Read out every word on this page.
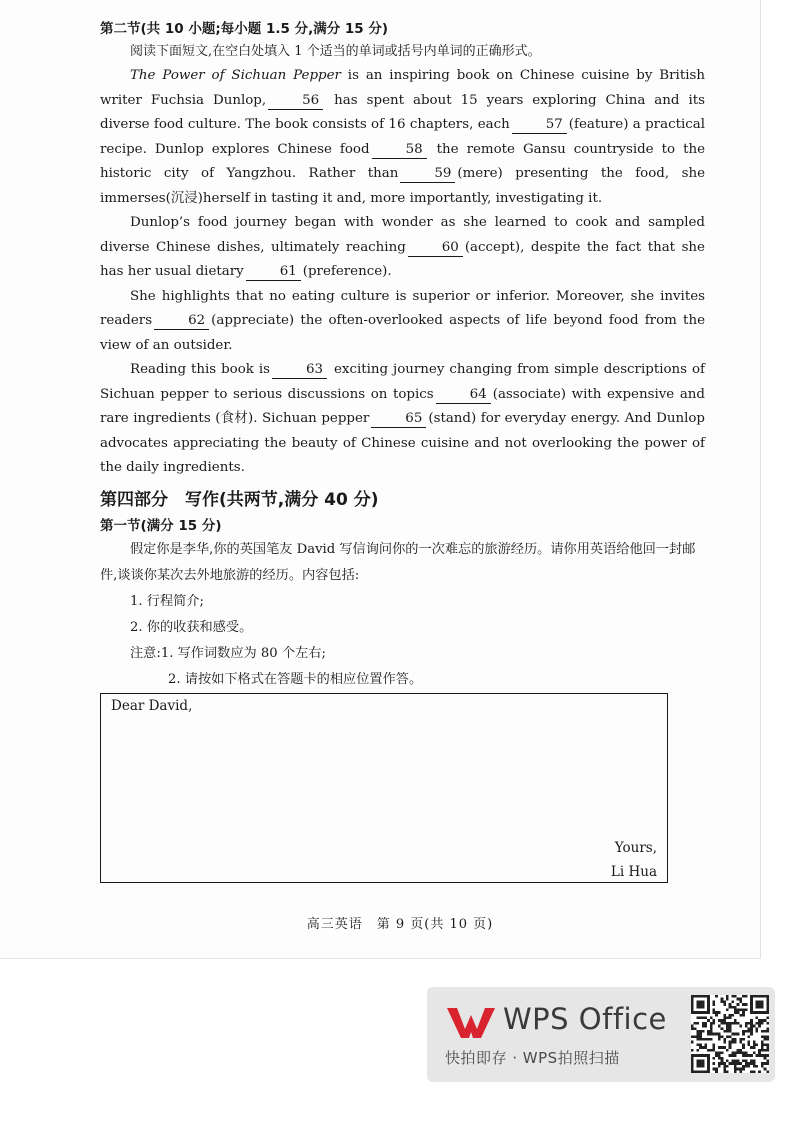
第二节(共 10 小题;每小题 1.5 分,满分 15 分)

阅读下面短文,在空白处填入 1 个适当的单词或括号内单词的正确形式。

The Power of Sichuan Pepper is an inspiring book on Chinese cuisine by British writer Fuchsia Dunlop,	56 has spent about 15 years exploring China and its diverse food culture. The book consists of 16 chapters, each	57 (feature) a practical recipe. Dunlop explores Chinese food	58 the remote Gansu countryside to the historic city of Yangzhou. Rather than	59 (mere) presenting the food, she immerses(沉浸)herself in tasting it and, more importantly, investigating it.

Dunlop’s food journey began with wonder as she learned to cook and sampled diverse Chinese dishes, ultimately reaching	60 (accept), despite the fact that she has her usual dietary	61 (preference).

She highlights that no eating culture is superior or inferior. Moreover, she invites readers	62 (appreciate) the often-overlooked aspects of life beyond food from the view of an outsider.

Reading this book is	63 exciting journey changing from simple descriptions of Sichuan pepper to serious discussions on topics	64 (associate) with expensive and rare ingredients (食材). Sichuan pepper	65 (stand) for everyday energy. And Dunlop advocates appreciating the beauty of Chinese cuisine and not overlooking the power of the daily ingredients.

第四部分　写作(共两节,满分 40 分)

第一节(满分 15 分)

假定你是李华,你的英国笔友 David 写信询问你的一次难忘的旅游经历。请你用英语给他回一封邮件,谈谈你某次去外地旅游的经历。内容包括:

1. 行程简介;

2. 你的收获和感受。

注意:1. 写作词数应为 80 个左右;

2. 请按如下格式在答题卡的相应位置作答。

Dear David,
Yours,
Li Hua
高三英语　第 9 页(共 10 页)
WPS Office
快拍即存 · WPS拍照扫描
